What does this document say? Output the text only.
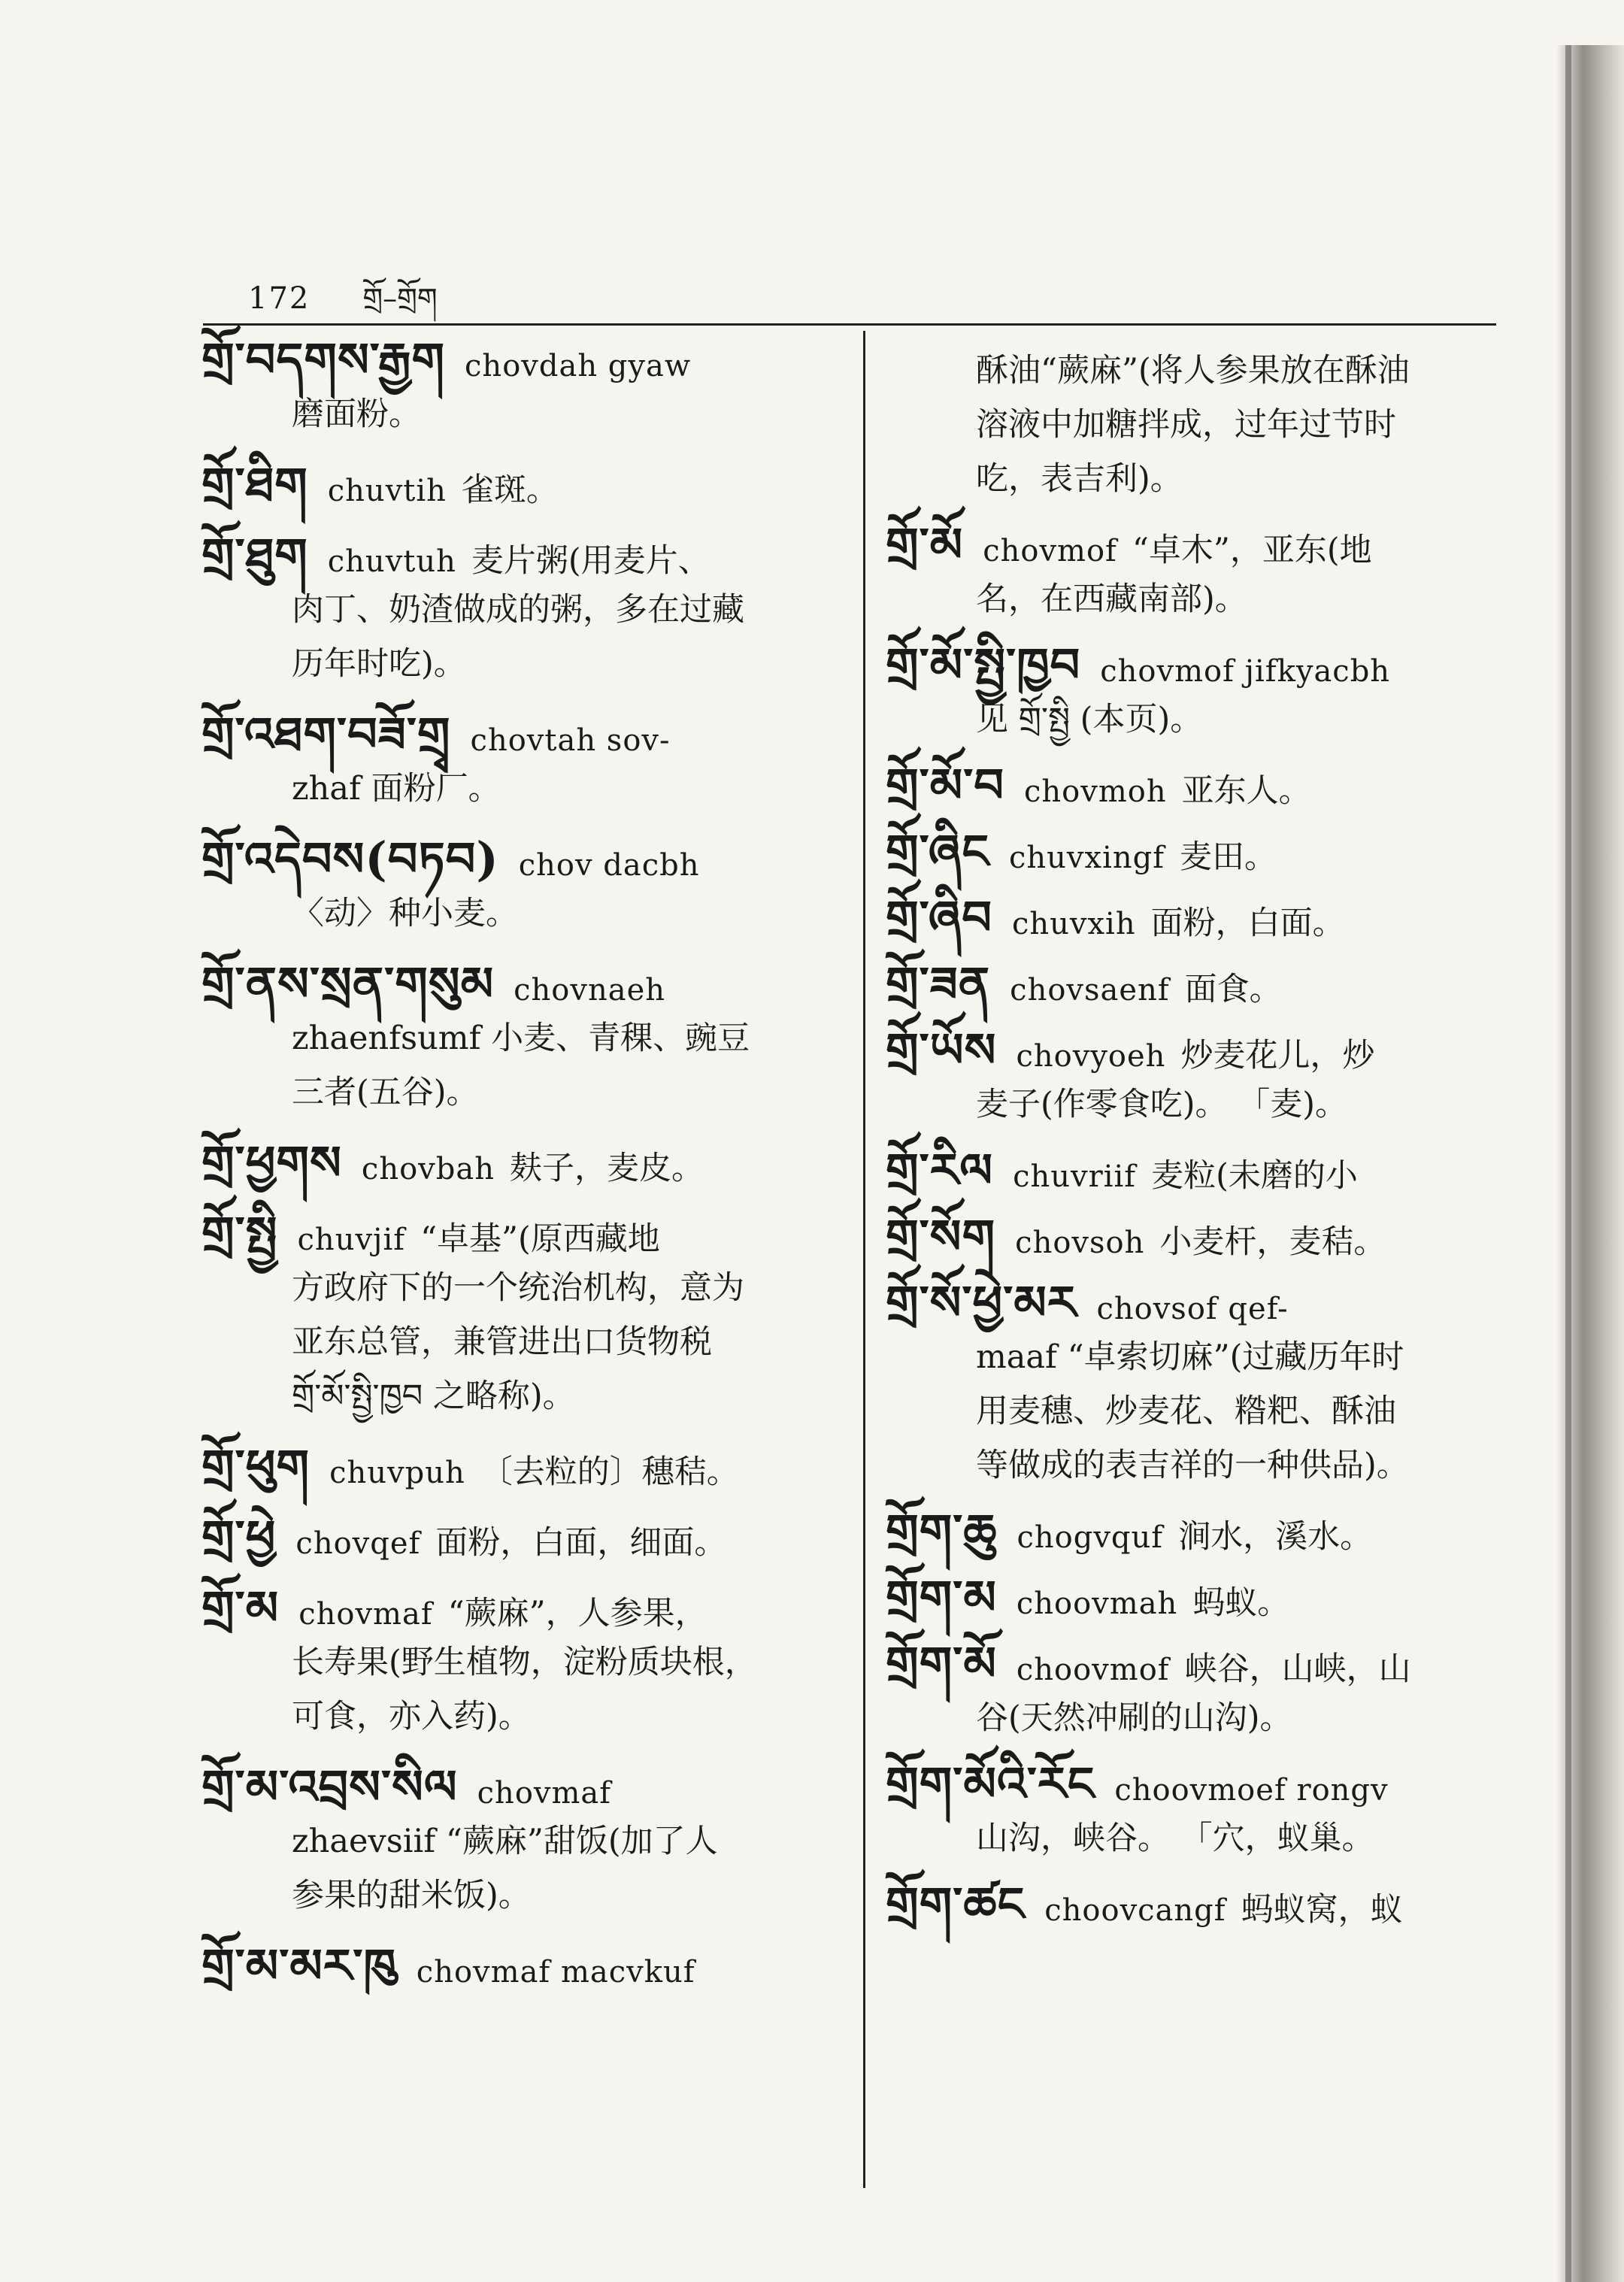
172 གྲོ–གྲོག
གྲོ་བདགས་རྒྱག chovdah gyaw
磨面粉。
གྲོ་ཐིག chuvtih 雀斑。
གྲོ་ཐུག chuvtuh 麦片粥(用麦片、
肉丁、奶渣做成的粥，多在过藏
历年时吃)。
གྲོ་འཐག་བཟོ་གྲྭ chovtah sov-
zhaf 面粉厂。
གྲོ་འདེབས(བཏབ) chov dacbh
〈动〉种小麦。
གྲོ་ནས་སྲན་གསུམ chovnaeh
zhaenfsumf 小麦、青稞、豌豆
三者(五谷)。
གྲོ་ཕྱགས chovbah 麸子，麦皮。
གྲོ་སྤྱི chuvjif “卓基”(原西藏地
方政府下的一个统治机构，意为
亚东总管，兼管进出口货物税
གྲོ་མོ་སྤྱི་ཁྱབ 之略称)。
གྲོ་ཕུག chuvpuh 〔去粒的〕穗秸。
གྲོ་ཕྱེ chovqef 面粉，白面，细面。
གྲོ་མ chovmaf “蕨麻”，人参果，
长寿果(野生植物，淀粉质块根，
可食，亦入药)。
གྲོ་མ་འབྲས་སིལ chovmaf
zhaevsiif “蕨麻”甜饭(加了人
参果的甜米饭)。
གྲོ་མ་མར་ཁུ chovmaf macvkuf
酥油“蕨麻”(将人参果放在酥油
溶液中加糖拌成，过年过节时
吃，表吉利)。
གྲོ་མོ chovmof “卓木”，亚东(地
名，在西藏南部)。
གྲོ་མོ་སྤྱི་ཁྱབ chovmof jifkyacbh
见 གྲོ་སྤྱི (本页)。
གྲོ་མོ་བ chovmoh 亚东人。
གྲོ་ཞིང chuvxingf 麦田。
གྲོ་ཞིབ chuvxih 面粉，白面。
གྲོ་ཟན chovsaenf 面食。
གྲོ་ཡོས chovyoeh 炒麦花儿，炒
麦子(作零食吃)。 「麦)。
གྲོ་རིལ chuvriif 麦粒(未磨的小
གྲོ་སོག chovsoh 小麦杆，麦秸。
གྲོ་སོ་ཕྱེ་མར chovsof qef-
maaf “卓索切麻”(过藏历年时
用麦穗、炒麦花、糌粑、酥油
等做成的表吉祥的一种供品)。
གྲོག་ཆུ chogvquf 涧水，溪水。
གྲོག་མ choovmah 蚂蚁。
གྲོག་མོ choovmof 峡谷，山峡，山
谷(天然冲刷的山沟)。
གྲོག་མོའི་རོང choovmoef rongv
山沟，峡谷。 「穴，蚁巢。
གྲོག་ཚང choovcangf 蚂蚁窝，蚁
